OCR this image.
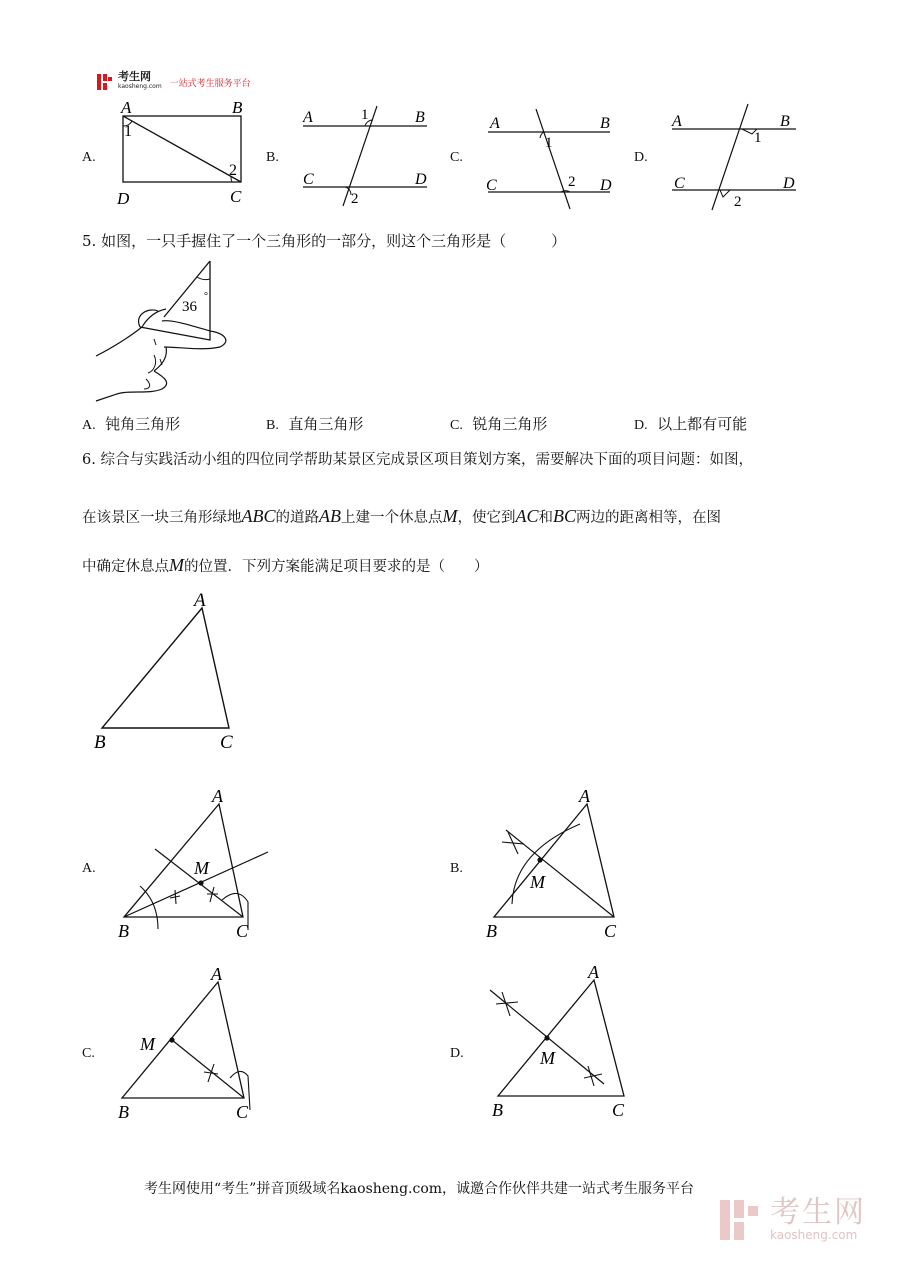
考生网
kaosheng.com 一站式考生服务平台
A.
A	B
D	C
1
2
B.
A	B
C	D
1
2
C.
A	B
C	D
1
2
D.
A	B
C	D
1
2
5. 如图，一只手握住了一个三角形的一部分，则这个三角形是（　　　）
36
°
A. 钝角三角形	B. 直角三角形	C. 锐角三角形	D. 以上都有可能
6. 综合与实践活动小组的四位同学帮助某景区完成景区项目策划方案，需要解决下面的项目问题：如图，
在该景区一块三角形绿地ABC的道路AB上建一个休息点M，使它到AC和BC两边的距离相等，在图
中确定休息点M的位置．下列方案能满足项目要求的是（　　）
A
B	C
A.
A
B	C
M	B.
A
B	C
M
C.
A
B	C
M	D.
A
B	C
M
考生网使用“考生”拼音顶级域名kaosheng.com，诚邀合作伙伴共建一站式考生服务平台
考生网
kaosheng.com
